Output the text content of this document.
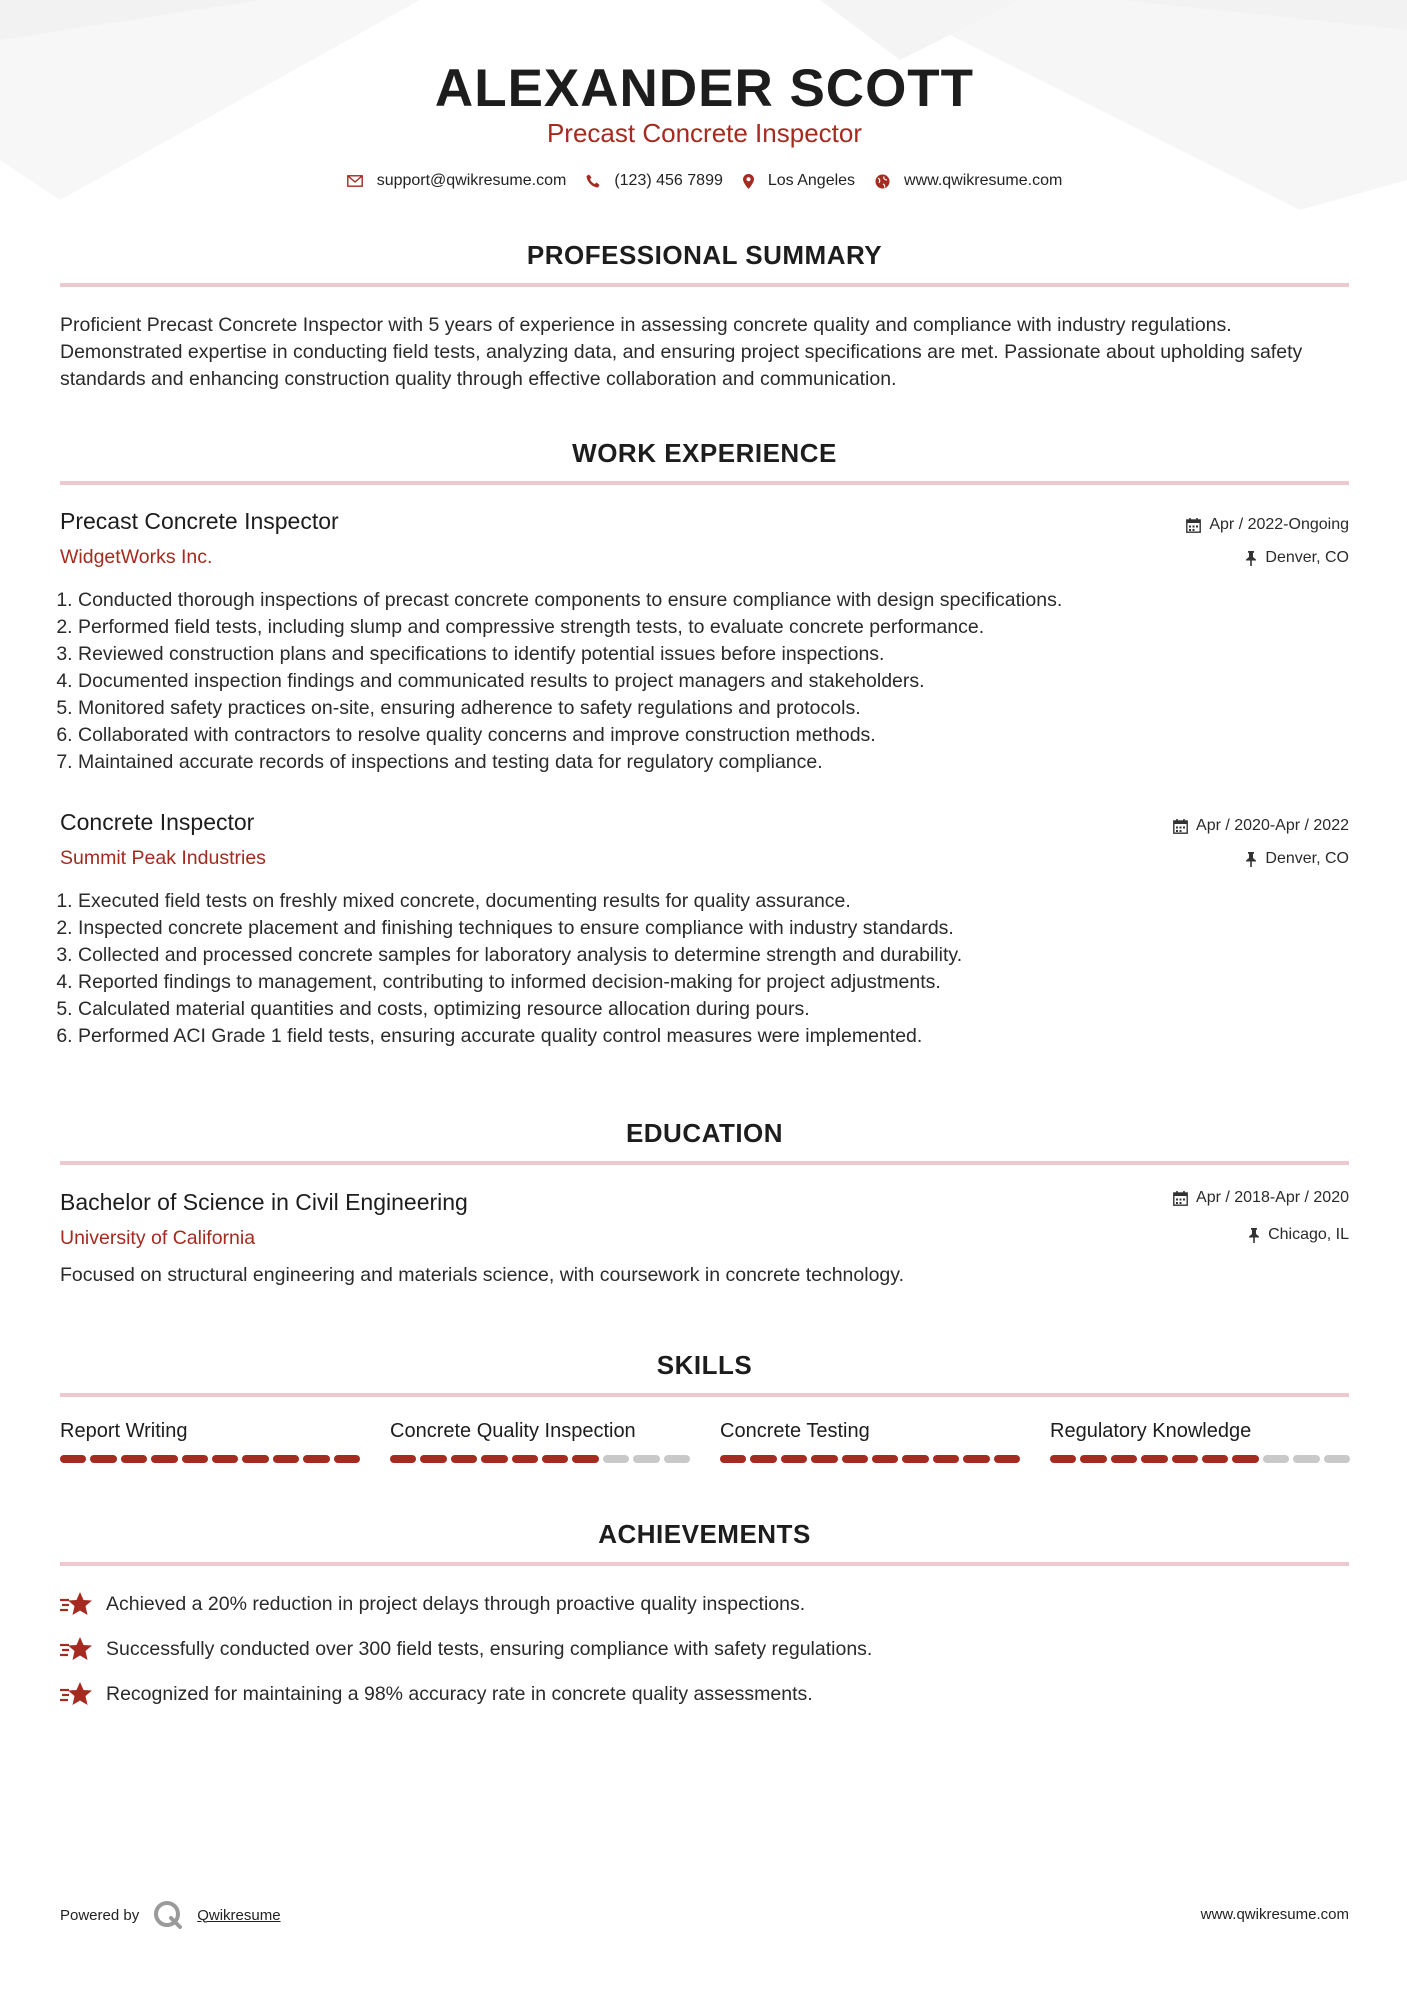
ALEXANDER SCOTT
Precast Concrete Inspector
support@qwikresume.com	(123) 456 7899	Los Angeles	www.qwikresume.com
PROFESSIONAL SUMMARY
Proficient Precast Concrete Inspector with 5 years of experience in assessing concrete quality and compliance with industry regulations. Demonstrated expertise in conducting field tests, analyzing data, and ensuring project specifications are met. Passionate about upholding safety standards and enhancing construction quality through effective collaboration and communication.
WORK EXPERIENCE
Precast Concrete Inspector	Apr / 2022-Ongoing
WidgetWorks Inc.	Denver, CO
1. Conducted thorough inspections of precast concrete components to ensure compliance with design specifications.
2. Performed field tests, including slump and compressive strength tests, to evaluate concrete performance.
3. Reviewed construction plans and specifications to identify potential issues before inspections.
4. Documented inspection findings and communicated results to project managers and stakeholders.
5. Monitored safety practices on-site, ensuring adherence to safety regulations and protocols.
6. Collaborated with contractors to resolve quality concerns and improve construction methods.
7. Maintained accurate records of inspections and testing data for regulatory compliance.
Concrete Inspector	Apr / 2020-Apr / 2022
Summit Peak Industries	Denver, CO
1. Executed field tests on freshly mixed concrete, documenting results for quality assurance.
2. Inspected concrete placement and finishing techniques to ensure compliance with industry standards.
3. Collected and processed concrete samples for laboratory analysis to determine strength and durability.
4. Reported findings to management, contributing to informed decision-making for project adjustments.
5. Calculated material quantities and costs, optimizing resource allocation during pours.
6. Performed ACI Grade 1 field tests, ensuring accurate quality control measures were implemented.
EDUCATION
Bachelor of Science in Civil Engineering	Apr / 2018-Apr / 2020
University of California	Chicago, IL
Focused on structural engineering and materials science, with coursework in concrete technology.
SKILLS
Report Writing	Concrete Quality Inspection	Concrete Testing	Regulatory Knowledge
ACHIEVEMENTS
Achieved a 20% reduction in project delays through proactive quality inspections.
Successfully conducted over 300 field tests, ensuring compliance with safety regulations.
Recognized for maintaining a 98% accuracy rate in concrete quality assessments.
Powered by	Qwikresume	www.qwikresume.com
